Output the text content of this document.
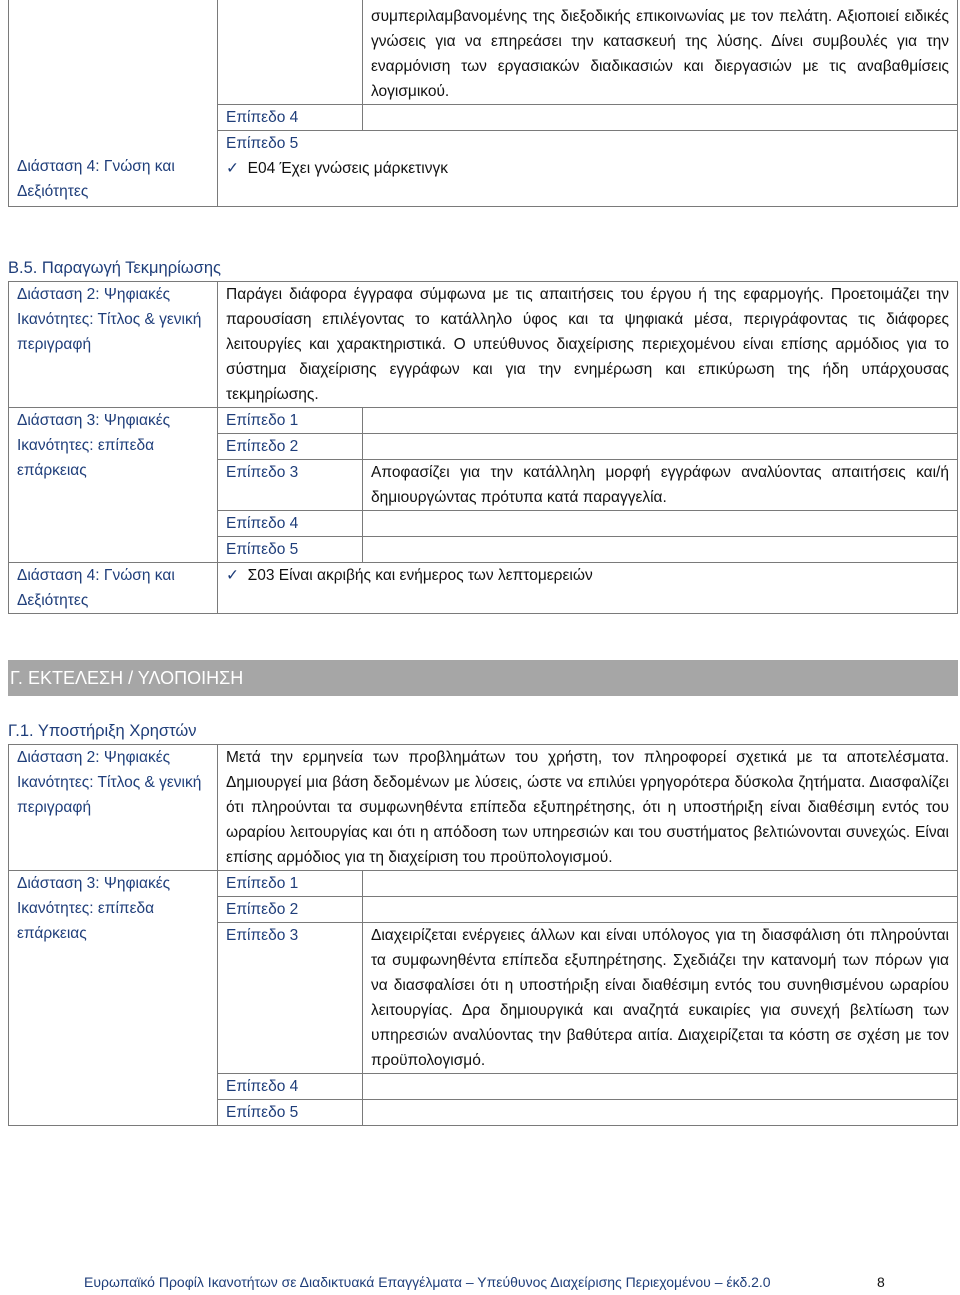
Διάσταση 4: Γνώση και Δεξιότητες		συμπεριλαμβανομένης της διεξοδικής επικοινωνίας με τον πελάτη. Αξιοποιεί ειδικές γνώσεις για να επηρεάσει την κατασκευή της λύσης. Δίνει συμβουλές για την εναρμόνιση των εργασιακών διαδικασιών και διεργασιών με τις αναβαθμίσεις λογισμικού.
	Επίπεδο 4	

	Επίπεδο 5
✓ E04 Έχει γνώσεις μάρκετινγκ	
B.5. Παραγωγή Τεκμηρίωσης
Διάσταση 2: Ψηφιακές Ικανότητες: Τίτλος & γενική περιγραφή	Παράγει διάφορα έγγραφα σύμφωνα με τις απαιτήσεις του έργου ή της εφαρμογής. Προετοιμάζει την παρουσίαση επιλέγοντας το κατάλληλο ύφος και τα ψηφιακά μέσα, περιγράφοντας τις διάφορες λειτουργίες και χαρακτηριστικά. Ο υπεύθυνος διαχείρισης περιεχομένου είναι επίσης αρμόδιος για το σύστημα διαχείρισης εγγράφων και για την ενημέρωση και επικύρωση της ήδη υπάρχουσας τεκμηρίωσης.	

Διάσταση 3: Ψηφιακές Ικανότητες: επίπεδα επάρκειας	Επίπεδο 1	
	Επίπεδο 2	
	Επίπεδο 3	Αποφασίζει για την κατάλληλη μορφή εγγράφων αναλύοντας απαιτήσεις και/ή δημιουργώντας πρότυπα κατά παραγγελία.
	Επίπεδο 4	
	Επίπεδο 5	

Διάσταση 4: Γνώση και Δεξιότητες	✓ Σ03 Είναι ακριβής και ενήμερος των λεπτομερειών	
Γ. ΕΚΤΕΛΕΣΗ / ΥΛΟΠΟΙΗΣΗ
Γ.1. Υποστήριξη Χρηστών
Διάσταση 2: Ψηφιακές Ικανότητες: Τίτλος & γενική περιγραφή	Μετά την ερμηνεία των προβλημάτων του χρήστη, τον πληροφορεί σχετικά με τα αποτελέσματα. Δημιουργεί μια βάση δεδομένων με λύσεις, ώστε να επιλύει γρηγορότερα δύσκολα ζητήματα. Διασφαλίζει ότι πληρούνται τα συμφωνηθέντα επίπεδα εξυπηρέτησης, ότι η υποστήριξη είναι διαθέσιμη εντός του ωραρίου λειτουργίας και ότι η απόδοση των υπηρεσιών και του συστήματος βελτιώνονται συνεχώς. Είναι επίσης αρμόδιος για τη διαχείριση του προϋπολογισμού.	

Διάσταση 3: Ψηφιακές Ικανότητες: επίπεδα επάρκειας	Επίπεδο 1	
	Επίπεδο 2	
	Επίπεδο 3	Διαχειρίζεται ενέργειες άλλων και είναι υπόλογος για τη διασφάλιση ότι πληρούνται τα συμφωνηθέντα επίπεδα εξυπηρέτησης. Σχεδιάζει την κατανομή των πόρων για να διασφαλίσει ότι η υποστήριξη είναι διαθέσιμη εντός του συνηθισμένου ωραρίου λειτουργίας. Δρα δημιουργικά και αναζητά ευκαιρίες για συνεχή βελτίωση των υπηρεσιών αναλύοντας την βαθύτερα αιτία. Διαχειρίζεται τα κόστη σε σχέση με τον προϋπολογισμό.
	Επίπεδο 4	
	Επίπεδο 5	
Ευρωπαϊκό Προφίλ Ικανοτήτων σε Διαδικτυακά Επαγγέλματα – Υπεύθυνος Διαχείρισης Περιεχομένου – έκδ.2.0	8
